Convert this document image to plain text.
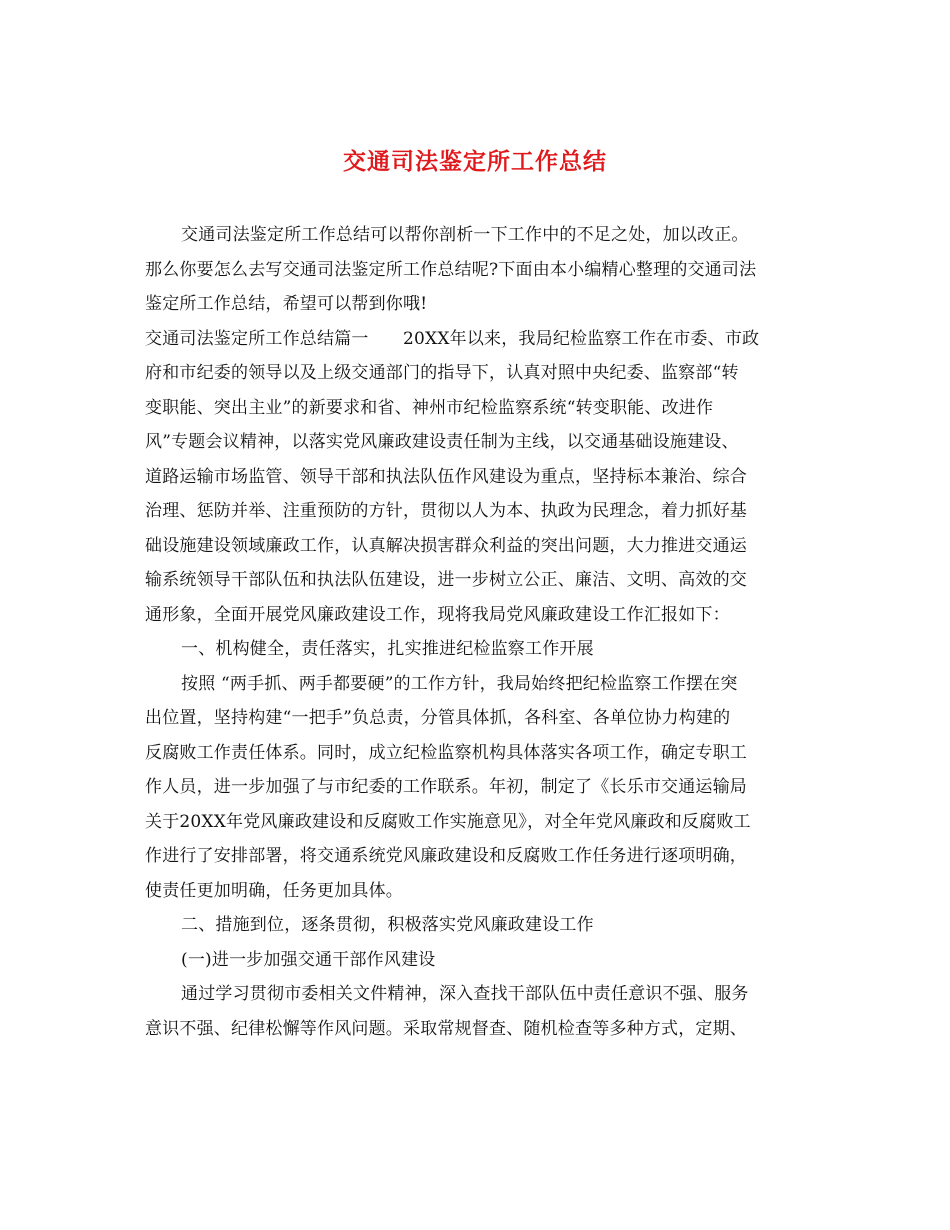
交通司法鉴定所工作总结
交通司法鉴定所工作总结可以帮你剖析一下工作中的不足之处，加以改正。
那么你要怎么去写交通司法鉴定所工作总结呢?下面由本小编精心整理的交通司法
鉴定所工作总结，希望可以帮到你哦!
交通司法鉴定所工作总结篇一　　20XX年以来，我局纪检监察工作在市委、市政
府和市纪委的领导以及上级交通部门的指导下，认真对照中央纪委、监察部“转
变职能、突出主业”的新要求和省、神州市纪检监察系统“转变职能、改进作
风”专题会议精神，以落实党风廉政建设责任制为主线，以交通基础设施建设、
道路运输市场监管、领导干部和执法队伍作风建设为重点，坚持标本兼治、综合
治理、惩防并举、注重预防的方针，贯彻以人为本、执政为民理念，着力抓好基
础设施建设领域廉政工作，认真解决损害群众利益的突出问题，大力推进交通运
输系统领导干部队伍和执法队伍建设，进一步树立公正、廉洁、文明、高效的交
通形象，全面开展党风廉政建设工作，现将我局党风廉政建设工作汇报如下：
一、机构健全，责任落实，扎实推进纪检监察工作开展
按照 “两手抓、两手都要硬”的工作方针，我局始终把纪检监察工作摆在突
出位置，坚持构建“一把手”负总责，分管具体抓，各科室、各单位协力构建的
反腐败工作责任体系。同时，成立纪检监察机构具体落实各项工作，确定专职工
作人员，进一步加强了与市纪委的工作联系。年初，制定了《长乐市交通运输局
关于20XX年党风廉政建设和反腐败工作实施意见》，对全年党风廉政和反腐败工
作进行了安排部署，将交通系统党风廉政建设和反腐败工作任务进行逐项明确，
使责任更加明确，任务更加具体。
二、措施到位，逐条贯彻，积极落实党风廉政建设工作
(一)进一步加强交通干部作风建设
通过学习贯彻市委相关文件精神，深入查找干部队伍中责任意识不强、服务
意识不强、纪律松懈等作风问题。采取常规督查、随机检查等多种方式，定期、
